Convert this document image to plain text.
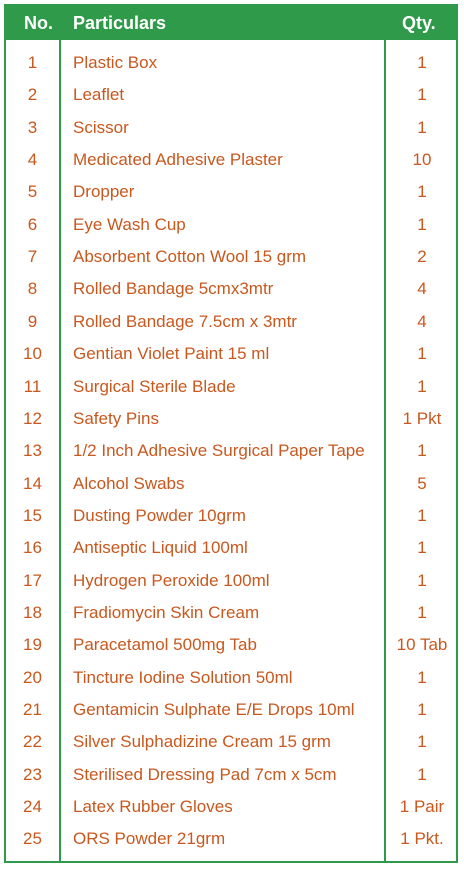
No. Particulars	Qty.
1	Plastic Box	1
2	Leaflet	1
3	Scissor	1
4	Medicated Adhesive Plaster	10
5	Dropper	1
6	Eye Wash Cup	1
7	Absorbent Cotton Wool 15 grm	2
8	Rolled Bandage 5cmx3mtr	4
9	Rolled Bandage 7.5cm x 3mtr	4
10	Gentian Violet Paint 15 ml	1
11	Surgical Sterile Blade	1
12	Safety Pins	1 Pkt
13	1/2 Inch Adhesive Surgical Paper Tape	1
14	Alcohol Swabs	5
15	Dusting Powder 10grm	1
16	Antiseptic Liquid 100ml	1
17	Hydrogen Peroxide 100ml	1
18	Fradiomycin Skin Cream	1
19	Paracetamol 500mg Tab	10 Tab
20	Tincture Iodine Solution 50ml	1
21	Gentamicin Sulphate E/E Drops 10ml	1
22	Silver Sulphadizine Cream 15 grm	1
23	Sterilised Dressing Pad 7cm x 5cm	1
24	Latex Rubber Gloves	1 Pair
25	ORS Powder 21grm	1 Pkt.
